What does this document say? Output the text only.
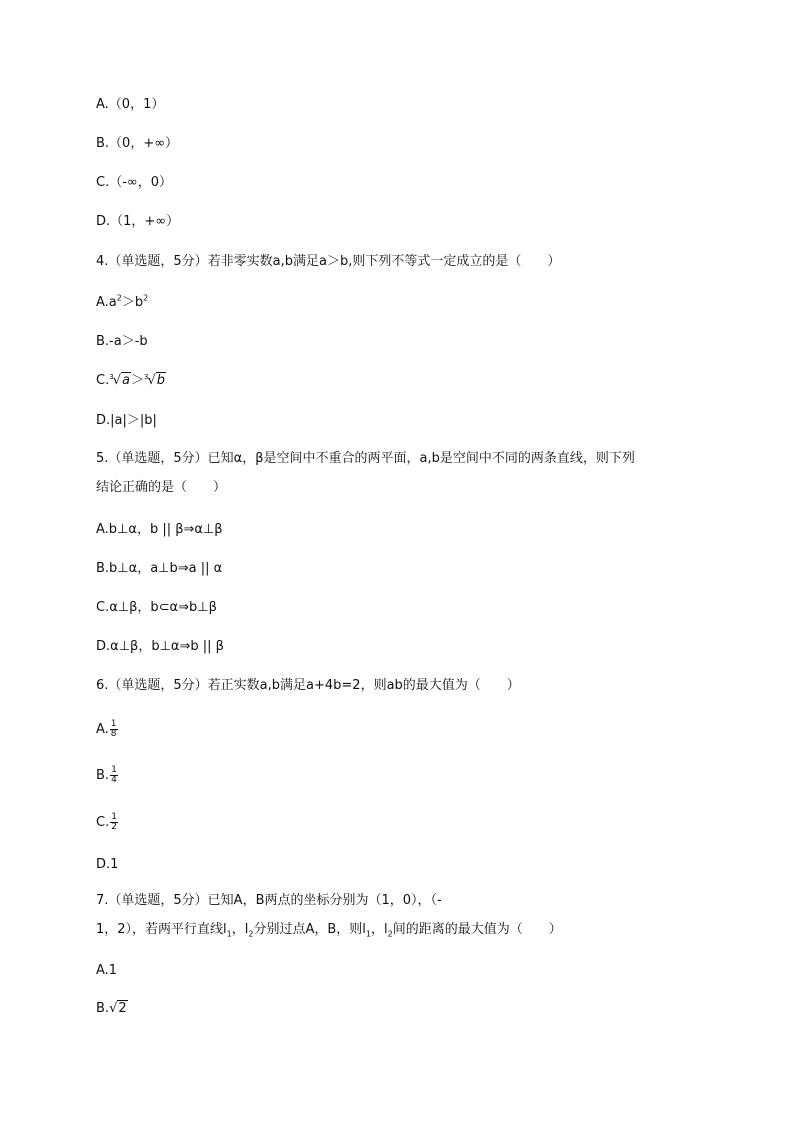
A.（0，1）
B.（0，+∞）
C.（-∞，0）
D.（1，+∞）
4.（单选题，5分）若非零实数a,b满足a＞b,则下列不等式一定成立的是（　　）
$A.a^2>b^2$
B.-a＞-b
C.$^3$√a＞$^3$√b
D.|a|＞|b|
5.（单选题，5分）已知α，β是空间中不重合的两平面，a,b是空间中不同的两条直线，则下列
结论正确的是（　　）
A.b⊥α，b || β⇒α⊥β
B.b⊥α，a⊥b⇒a || α
C.α⊥β，b⊂α⇒b⊥β
D.α⊥β，b⊥α⇒b || β
6.（单选题，5分）若正实数a,b满足a+4b=2，则ab的最大值为（　　）
A. $\frac{1}{8}$
B. $\frac{1}{4}$
C. $\frac{1}{2}$
D.1
7.（单选题，5分）已知A，B两点的坐标分别为（1，0），（-
1，2），若两平行直线$l_1$，$l_2$分别过点A，B，则$l_1$，$l_2$间的距离的最大值为（　　）
A.1
B.√2
